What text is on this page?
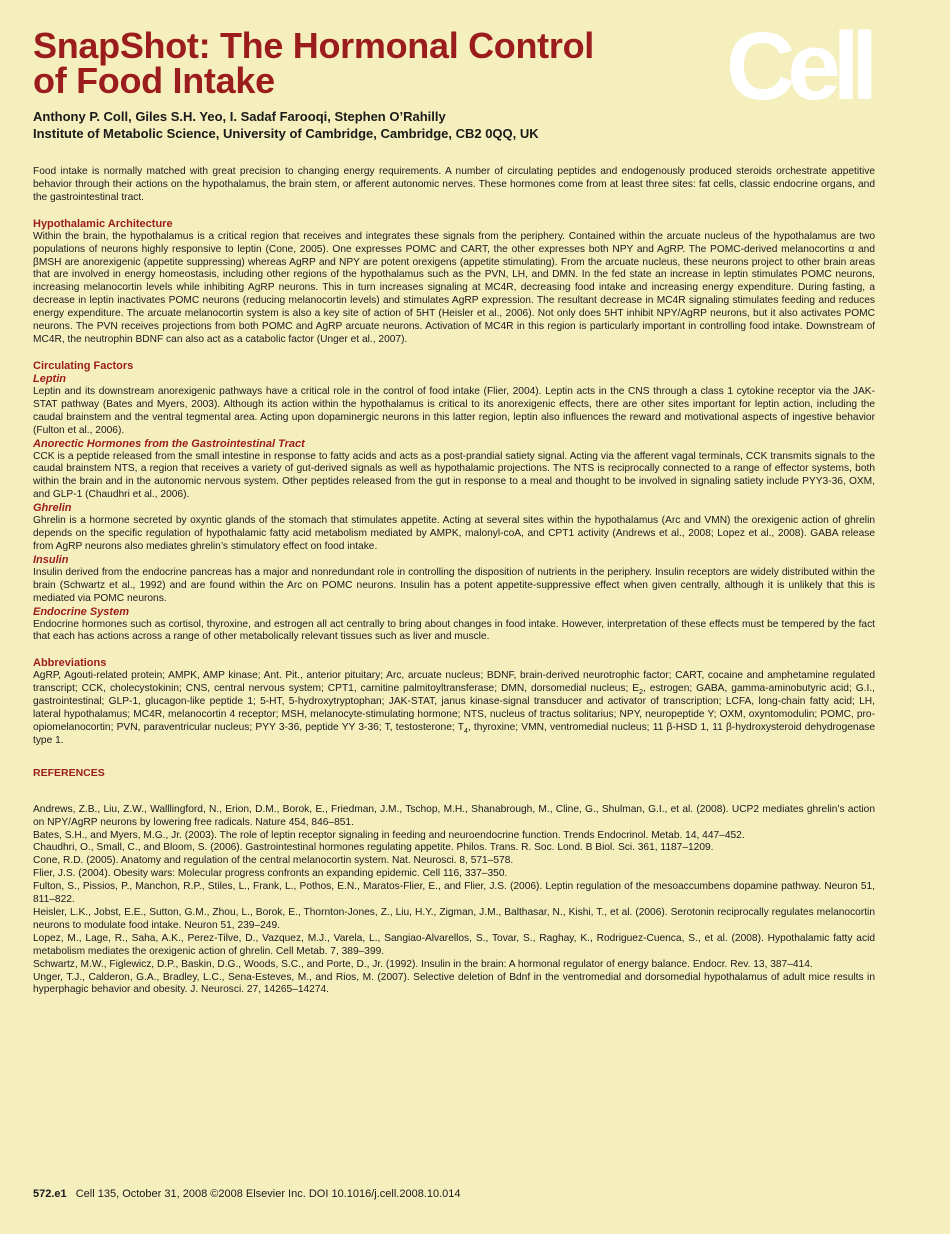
SnapShot: The Hormonal Control
of Food Intake	Cell
Anthony P. Coll, Giles S.H. Yeo, I. Sadaf Farooqi, Stephen O’Rahilly
Institute of Metabolic Science, University of Cambridge, Cambridge, CB2 0QQ, UK

Food intake is normally matched with great precision to changing energy requirements. A number of circulating peptides and endogenously produced steroids orchestrate appetitive behavior through their actions on the hypothalamus, the brain stem, or afferent autonomic nerves. These hormones come from at least three sites: fat cells, classic endocrine organs, and the gastrointestinal tract.

Hypothalamic Architecture

Within the brain, the hypothalamus is a critical region that receives and integrates these signals from the periphery. Contained within the arcuate nucleus of the hypothalamus are two populations of neurons highly responsive to leptin (Cone, 2005). One expresses POMC and CART, the other expresses both NPY and AgRP. The POMC-derived melanocortins α and βMSH are anorexigenic (appetite suppressing) whereas AgRP and NPY are potent orexigens (appetite stimulating). From the arcuate nucleus, these neurons project to other brain areas that are involved in energy homeostasis, including other regions of the hypothalamus such as the PVN, LH, and DMN. In the fed state an increase in leptin stimulates POMC neurons, increasing melanocortin levels while inhibiting AgRP neurons. This in turn increases signaling at MC4R, decreasing food intake and increasing energy expenditure. During fasting, a decrease in leptin inactivates POMC neurons (reducing melanocortin levels) and stimulates AgRP expression. The resultant decrease in MC4R signaling stimulates feeding and reduces energy expenditure. The arcuate melanocortin system is also a key site of action of 5HT (Heisler et al., 2006). Not only does 5HT inhibit NPY/AgRP neurons, but it also activates POMC neurons. The PVN receives projections from both POMC and AgRP arcuate neurons. Activation of MC4R in this region is particularly important in controlling food intake. Downstream of MC4R, the neutrophin BDNF can also act as a catabolic factor (Unger et al., 2007).

Circulating Factors
Leptin

Leptin and its downstream anorexigenic pathways have a critical role in the control of food intake (Flier, 2004). Leptin acts in the CNS through a class 1 cytokine receptor via the JAK-STAT pathway (Bates and Myers, 2003). Although its action within the hypothalamus is critical to its anorexigenic effects, there are other sites important for leptin action, including the caudal brainstem and the ventral tegmental area. Acting upon dopaminergic neurons in this latter region, leptin also influences the reward and motivational aspects of ingestive behavior (Fulton et al., 2006).

Anorectic Hormones from the Gastrointestinal Tract

CCK is a peptide released from the small intestine in response to fatty acids and acts as a post-prandial satiety signal. Acting via the afferent vagal terminals, CCK transmits signals to the caudal brainstem NTS, a region that receives a variety of gut-derived signals as well as hypothalamic projections. The NTS is reciprocally connected to a range of effector systems, both within the brain and in the autonomic nervous system. Other peptides released from the gut in response to a meal and thought to be involved in signaling satiety include PYY3-36, OXM, and GLP-1 (Chaudhri et al., 2006).

Ghrelin

Ghrelin is a hormone secreted by oxyntic glands of the stomach that stimulates appetite. Acting at several sites within the hypothalamus (Arc and VMN) the orexigenic action of ghrelin depends on the specific regulation of hypothalamic fatty acid metabolism mediated by AMPK, malonyl-coA, and CPT1 activity (Andrews et al., 2008; Lopez et al., 2008). GABA release from AgRP neurons also mediates ghrelin’s stimulatory effect on food intake.

Insulin

Insulin derived from the endocrine pancreas has a major and nonredundant role in controlling the disposition of nutrients in the periphery. Insulin receptors are widely distributed within the brain (Schwartz et al., 1992) and are found within the Arc on POMC neurons. Insulin has a potent appetite-suppressive effect when given centrally, although it is unlikely that this is mediated via POMC neurons.

Endocrine System

Endocrine hormones such as cortisol, thyroxine, and estrogen all act centrally to bring about changes in food intake. However, interpretation of these effects must be tempered by the fact that each has actions across a range of other metabolically relevant tissues such as liver and muscle.

Abbreviations

AgRP, Agouti-related protein; AMPK, AMP kinase; Ant. Pit., anterior pituitary; Arc, arcuate nucleus; BDNF, brain-derived neurotrophic factor; CART, cocaine and amphetamine regulated transcript; CCK, cholecystokinin; CNS, central nervous system; CPT1, carnitine palmitoyltransferase; DMN, dorsomedial nucleus; $E_2$, estrogen; GABA, gamma-aminobutyric acid; G.I., gastrointestinal; GLP-1, glucagon-like peptide 1; 5-HT, 5-hydroxytryptophan; JAK-STAT, janus kinase-signal transducer and activator of transcription; LCFA, long-chain fatty acid; LH, lateral hypothalamus; MC4R, melanocortin 4 receptor; MSH, melanocyte-stimulating hormone; NTS, nucleus of tractus solitarius; NPY, neuropeptide Y; OXM, oxyntomodulin; POMC, pro-opiomelanocortin; PVN, paraventricular nucleus; PYY 3-36, peptide YY 3-36; T, testosterone; $T_4$, thyroxine; VMN, ventromedial nucleus; 11 β-HSD 1, 11 β-hydroxysteroid dehydrogenase type 1.

REFERENCES

Andrews, Z.B., Liu, Z.W., Walllingford, N., Erion, D.M., Borok, E., Friedman, J.M., Tschop, M.H., Shanabrough, M., Cline, G., Shulman, G.I., et al. (2008). UCP2 mediates ghrelin’s action on NPY/AgRP neurons by lowering free radicals. Nature 454, 846–851.

Bates, S.H., and Myers, M.G., Jr. (2003). The role of leptin receptor signaling in feeding and neuroendocrine function. Trends Endocrinol. Metab. 14, 447–452.

Chaudhri, O., Small, C., and Bloom, S. (2006). Gastrointestinal hormones regulating appetite. Philos. Trans. R. Soc. Lond. B Biol. Sci. 361, 1187–1209.

Cone, R.D. (2005). Anatomy and regulation of the central melanocortin system. Nat. Neurosci. 8, 571–578.

Flier, J.S. (2004). Obesity wars: Molecular progress confronts an expanding epidemic. Cell 116, 337–350.

Fulton, S., Pissios, P., Manchon, R.P., Stiles, L., Frank, L., Pothos, E.N., Maratos-Flier, E., and Flier, J.S. (2006). Leptin regulation of the mesoaccumbens dopamine pathway. Neuron 51, 811–822.

Heisler, L.K., Jobst, E.E., Sutton, G.M., Zhou, L., Borok, E., Thornton-Jones, Z., Liu, H.Y., Zigman, J.M., Balthasar, N., Kishi, T., et al. (2006). Serotonin reciprocally regulates melanocortin neurons to modulate food intake. Neuron 51, 239–249.

Lopez, M., Lage, R., Saha, A.K., Perez-Tilve, D., Vazquez, M.J., Varela, L., Sangiao-Alvarellos, S., Tovar, S., Raghay, K., Rodriguez-Cuenca, S., et al. (2008). Hypothalamic fatty acid metabolism mediates the orexigenic action of ghrelin. Cell Metab. 7, 389–399.

Schwartz, M.W., Figlewicz, D.P., Baskin, D.G., Woods, S.C., and Porte, D., Jr. (1992). Insulin in the brain: A hormonal regulator of energy balance. Endocr. Rev. 13, 387–414.

Unger, T.J., Calderon, G.A., Bradley, L.C., Sena-Esteves, M., and Rios, M. (2007). Selective deletion of Bdnf in the ventromedial and dorsomedial hypothalamus of adult mice results in hyperphagic behavior and obesity. J. Neurosci. 27, 14265–14274.

572.e1 Cell 135, October 31, 2008 ©2008 Elsevier Inc. DOI 10.1016/j.cell.2008.10.014
